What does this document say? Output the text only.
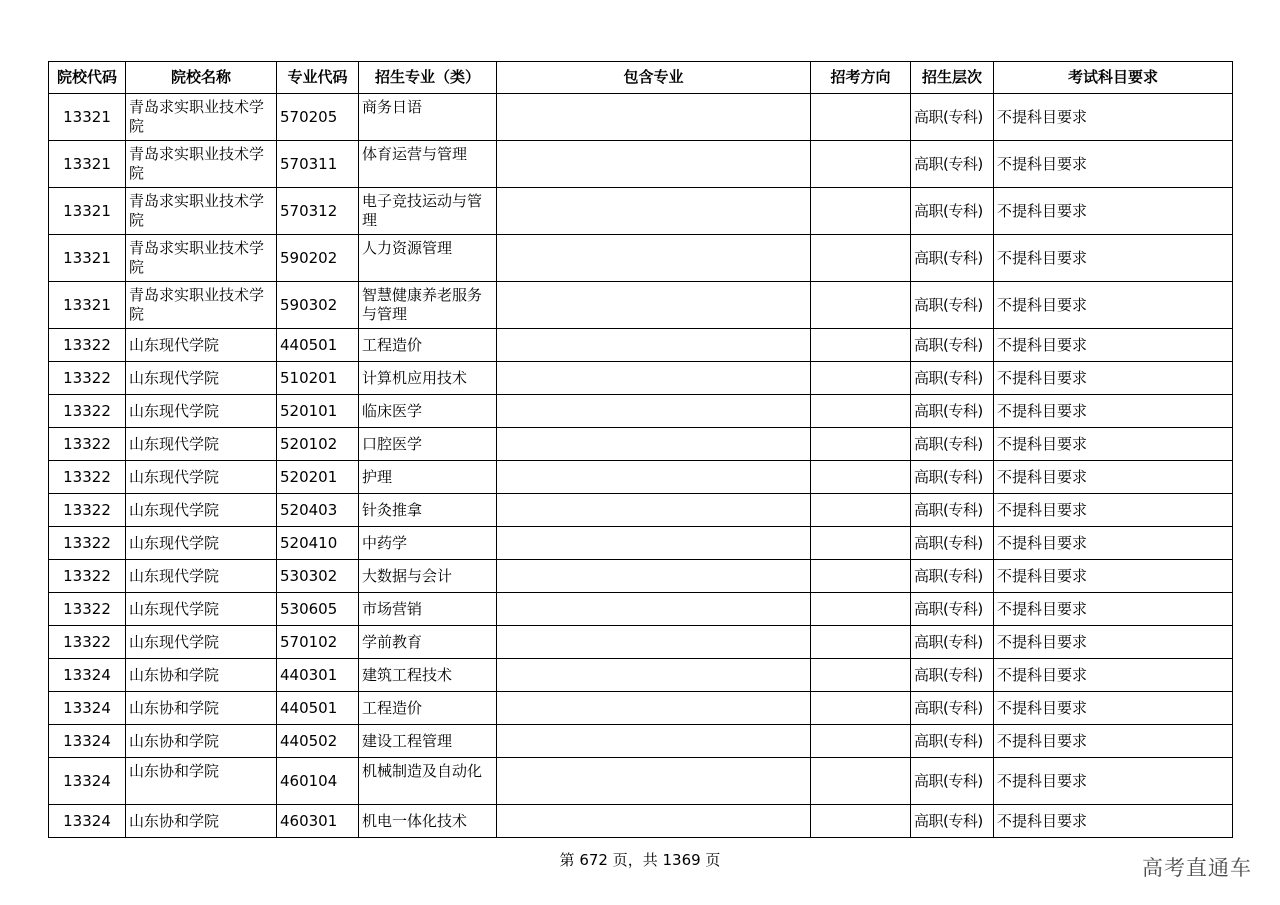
院校代码	院校名称	专业代码	招生专业（类）	包含专业	招考方向	招生层次	考试科目要求
13321	青岛求实职业技术学院	570205	商务日语			高职(专科)	不提科目要求
13321	青岛求实职业技术学院	570311	体育运营与管理			高职(专科)	不提科目要求
13321	青岛求实职业技术学院	570312	电子竞技运动与管理			高职(专科)	不提科目要求
13321	青岛求实职业技术学院	590202	人力资源管理			高职(专科)	不提科目要求
13321	青岛求实职业技术学院	590302	智慧健康养老服务与管理			高职(专科)	不提科目要求
13322	山东现代学院	440501	工程造价			高职(专科)	不提科目要求
13322	山东现代学院	510201	计算机应用技术			高职(专科)	不提科目要求
13322	山东现代学院	520101	临床医学			高职(专科)	不提科目要求
13322	山东现代学院	520102	口腔医学			高职(专科)	不提科目要求
13322	山东现代学院	520201	护理			高职(专科)	不提科目要求
13322	山东现代学院	520403	针灸推拿			高职(专科)	不提科目要求
13322	山东现代学院	520410	中药学			高职(专科)	不提科目要求
13322	山东现代学院	530302	大数据与会计			高职(专科)	不提科目要求
13322	山东现代学院	530605	市场营销			高职(专科)	不提科目要求
13322	山东现代学院	570102	学前教育			高职(专科)	不提科目要求
13324	山东协和学院	440301	建筑工程技术			高职(专科)	不提科目要求
13324	山东协和学院	440501	工程造价			高职(专科)	不提科目要求
13324	山东协和学院	440502	建设工程管理			高职(专科)	不提科目要求
13324	山东协和学院	460104	机械制造及自动化			高职(专科)	不提科目要求
13324	山东协和学院	460301	机电一体化技术			高职(专科)	不提科目要求
第 672 页，共 1369 页	高考直通车
